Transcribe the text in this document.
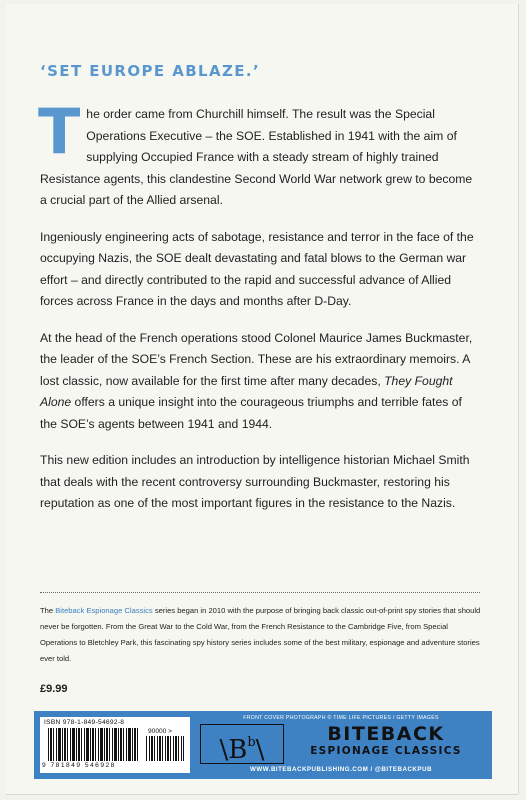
‘SET EUROPE ABLAZE.’

The order came from Churchill himself. The result was the Special Operations Executive – the SOE. Established in 1941 with the aim of supplying Occupied France with a steady stream of highly trained Resistance agents, this clandestine Second World War network grew to become a crucial part of the Allied arsenal.

Ingeniously engineering acts of sabotage, resistance and terror in the face of the occupying Nazis, the SOE dealt devastating and fatal blows to the German war effort – and directly contributed to the rapid and successful advance of Allied forces across France in the days and months after D-Day.

At the head of the French operations stood Colonel Maurice James Buckmaster, the leader of the SOE’s French Section. These are his extraordinary memoirs. A lost classic, now available for the first time after many decades, They Fought Alone offers a unique insight into the courageous triumphs and terrible fates of the SOE’s agents between 1941 and 1944.

This new edition includes an introduction by intelligence historian Michael Smith that deals with the recent controversy surrounding Buckmaster, restoring his reputation as one of the most important figures in the resistance to the Nazis.

The Biteback Espionage Classics series began in 2010 with the purpose of bringing back classic out-of-print spy stories that should never be forgotten. From the Great War to the Cold War, from the French Resistance to the Cambridge Five, from Special Operations to Bletchley Park, this fascinating spy history series includes some of the best military, espionage and adventure stories ever told.
£9.99
ISBN 978-1-849-54692-8
90000 >
9 781849 546928
FRONT COVER PHOTOGRAPH © TIME LIFE PICTURES / GETTY IMAGES
$\backslash B^b\backslash$
BITEBACK
ESPIONAGE CLASSICS
WWW.BITEBACKPUBLISHING.COM / @BITEBACKPUB
